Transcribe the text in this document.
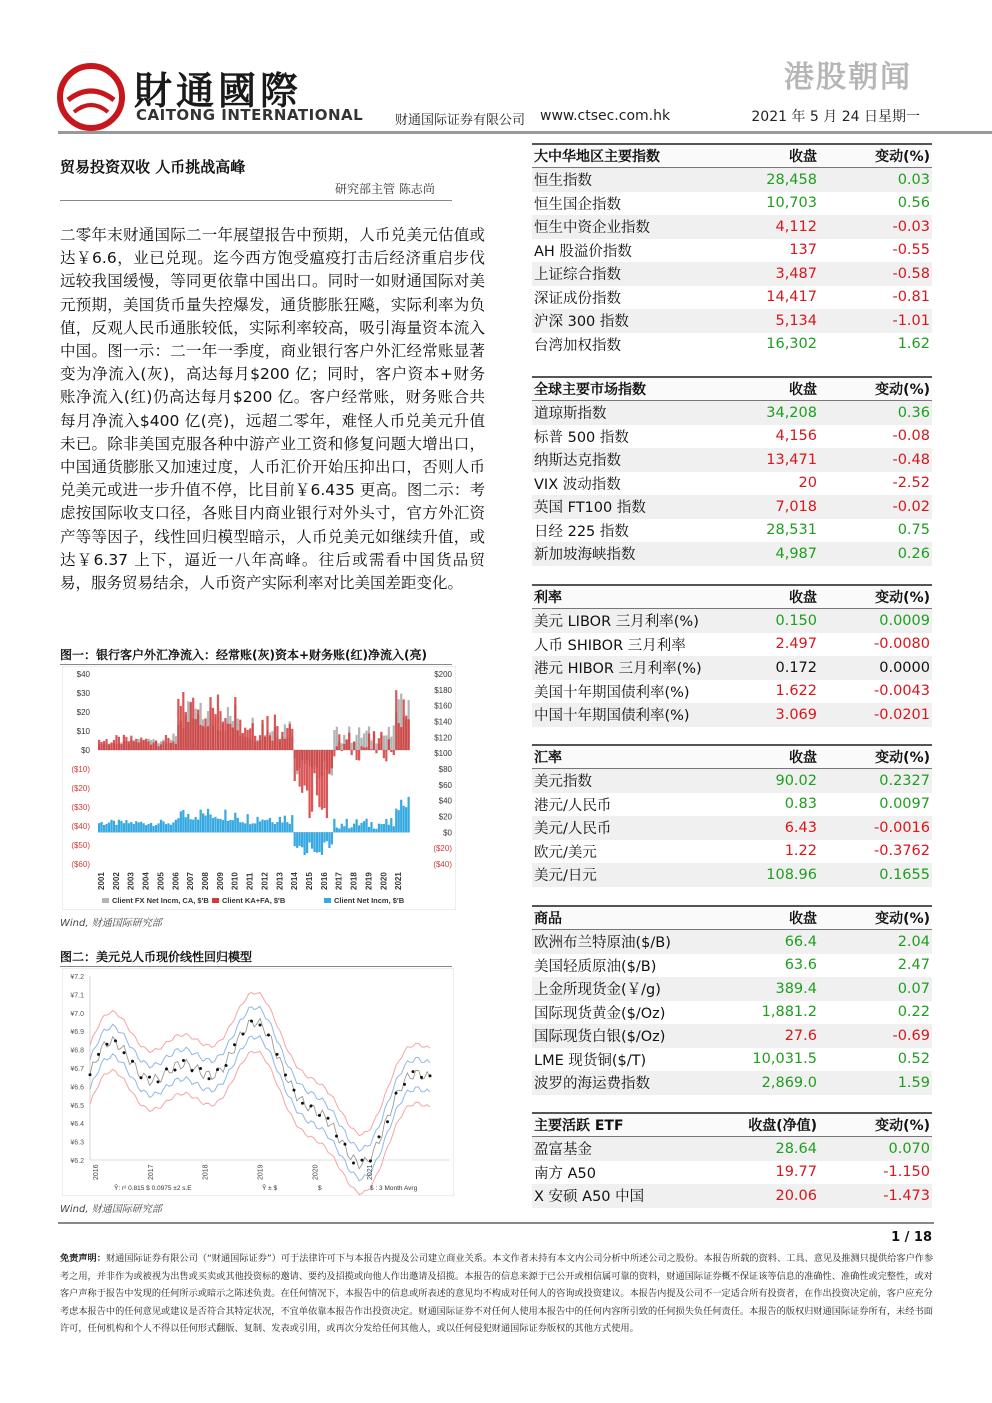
財通國際
CAITONG INTERNATIONAL
港股朝闻
财通国际证券有限公司 www.ctsec.com.hk	2021 年 5 月 24 日星期一
贸易投资双收 人币挑战高峰
研究部主管 陈志尚
二零年末财通国际二一年展望报告中预期，人币兑美元估值或达￥6.6，业已兑现。迄今西方饱受瘟疫打击后经济重启步伐远较我国缓慢，等同更依靠中国出口。同时一如财通国际对美元预期，美国货币量失控爆发，通货膨胀狂飚，实际利率为负值，反观人民币通胀较低，实际利率较高，吸引海量资本流入中国。图一示：二一年一季度，商业银行客户外汇经常账显著变为净流入(灰)，高达每月$200 亿；同时，客户资本+财务账净流入(红)仍高达每月$200 亿。客户经常账，财务账合共每月净流入$400 亿(亮)，远超二零年，难怪人币兑美元升值未已。除非美国克服各种中游产业工资和修复问题大增出口，中国通货膨胀又加速过度，人币汇价开始压抑出口，否则人币兑美元或进一步升值不停，比目前￥6.435 更高。图二示：考虑按国际收支口径，各账目内商业银行对外头寸，官方外汇资产等等因子，线性回归模型暗示，人币兑美元如继续升值，或达￥6.37 上下，逼近一八年高峰。往后或需看中国货品贸易，服务贸易结余，人币资产实际利率对比美国差距变化。
图一：银行客户外汇净流入：经常账(灰)资本+财务账(红)净流入(亮)
$40
$30
$20
$10
$0
($10)
($20)
($30)
($40)
($50)
($60)
$200
$180
$160
$140
$120
$100
$80
$60
$40
$20
$0
($20)
($40)
2001 2002 2003 2004 2005 2006 2007 2008 2009 2010 2011 2012 2013 2014 2015 2016 2017 2018 2019 2020 2021
Client FX Net Incm, CA, $'B Client KA+FA, $'B	Client Net Incm, $'B
Wind, 财通国际研究部
图二：美元兑人币现价线性回归模型
¥7.2
¥7.1
¥7.0
¥6.9
¥6.8
¥6.7
¥6.6
¥6.5
¥6.4
¥6.3
¥6.2
2016	2017	2018	2019	2020	2021
Ŷ: r² 0.815 $ 0.0975 ±2 s.E	Ŷ ± $	$	$ : 3 Month Avrg
Wind, 财通国际研究部
大中华地区主要指数	收盘	变动(%)
恒生指数	28,458	0.03
恒生国企指数	10,703	0.56
恒生中资企业指数	4,112	-0.03
AH 股溢价指数	137	-0.55
上证综合指数	3,487	-0.58
深证成份指数	14,417	-0.81
沪深 300 指数	5,134	-1.01
台湾加权指数	16,302	1.62
全球主要市场指数	收盘	变动(%)
道琼斯指数	34,208	0.36
标普 500 指数	4,156	-0.08
纳斯达克指数	13,471	-0.48
VIX 波动指数	20	-2.52
英国 FT100 指数	7,018	-0.02
日经 225 指数	28,531	0.75
新加坡海峡指数	4,987	0.26
利率	收盘	变动(%)
美元 LIBOR 三月利率(%)	0.150	0.0009
人币 SHIBOR 三月利率	2.497	-0.0080
港元 HIBOR 三月利率(%)	0.172	0.0000
美国十年期国债利率(%)	1.622	-0.0043
中国十年期国债利率(%)	3.069	-0.0201
汇率	收盘	变动(%)
美元指数	90.02	0.2327
港元/人民币	0.83	0.0097
美元/人民币	6.43	-0.0016
欧元/美元	1.22	-0.3762
美元/日元	108.96	0.1655
商品	收盘	变动(%)
欧洲布兰特原油($/B)	66.4	2.04
美国轻质原油($/B)	63.6	2.47
上金所现货金(￥/g)	389.4	0.07
国际现货黄金($/Oz)	1,881.2	0.22
国际现货白银($/Oz)	27.6	-0.69
LME 现货铜($/T)	10,031.5	0.52
波罗的海运费指数	2,869.0	1.59
主要活跃 ETF	收盘(净值)	变动(%)
盈富基金	28.64	0.070
南方 A50	19.77	-1.150
X 安硕 A50 中国	20.06	-1.473
1 / 18
免责声明：财通国际证券有限公司（“财通国际证券”）可于法律许可下与本报告内提及公司建立商业关系。本文作者未持有本文内公司分析中所述公司之股份。本报告所载的资料、工具、意见及推测只提供给客户作参考之用，并非作为或被视为出售或买卖或其他投资标的邀请、要约及招揽或向他人作出邀请及招揽。本报告的信息来源于已公开或相信属可靠的资料，财通国际证券概不保证该等信息的准确性、准确性或完整性，或对客户声称于报告中发现的任何所示或暗示之陈述负责。在任何情况下，本报告中的信息或所表述的意见均不构成对任何人的咨询或投资建议。本报告内提及公司不一定适合所有投资者，在作出投资决定前，客户应充分考虑本报告中的任何意见或建议是否符合其特定状况，不宜单依靠本报告作出投资决定。财通国际证券不对任何人使用本报告中的任何内容所引致的任何损失负任何责任。本报告的版权归财通国际证券所有，未经书面许可，任何机构和个人不得以任何形式翻版、复制、发表或引用，或再次分发给任何其他人，或以任何侵犯财通国际证券版权的其他方式使用。
